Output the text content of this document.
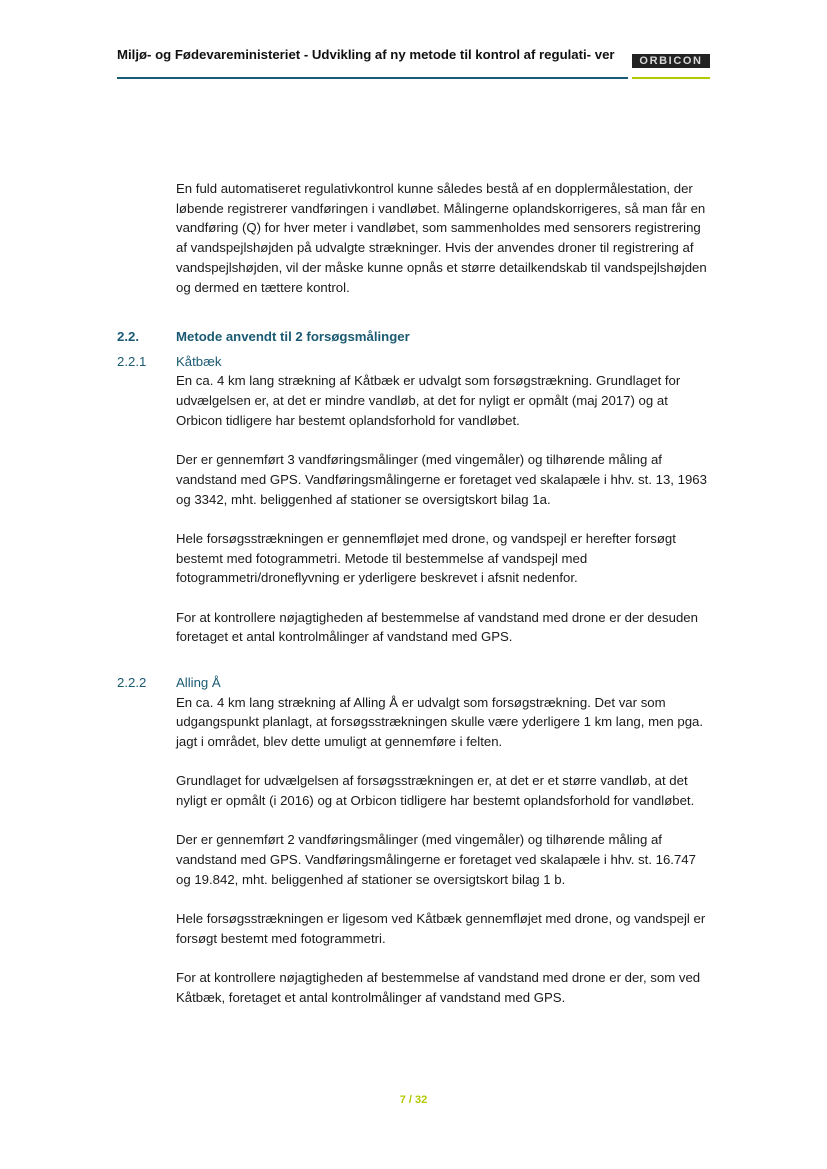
Miljø- og Fødevareministeriet - Udvikling af ny metode til kontrol af regulati- ver	ORBICON

En fuld automatiseret regulativkontrol kunne således bestå af en dopplermålestation, der løbende registrerer vandføringen i vandløbet. Målingerne oplandskorrigeres, så man får en vandføring (Q) for hver meter i vandløbet, som sammenholdes med sensorers registrering af vandspejlshøjden på udvalgte strækninger. Hvis der anvendes droner til registrering af vandspejlshøjden, vil der måske kunne opnås et større detailkendskab til vandspejlshøjden og dermed en tættere kontrol.

2.2.	Metode anvendt til 2 forsøgsmålinger
2.2.1	Kåtbæk

En ca. 4 km lang strækning af Kåtbæk er udvalgt som forsøgstrækning. Grundlaget for udvælgelsen er, at det er mindre vandløb, at det for nyligt er opmålt (maj 2017) og at Orbicon tidligere har bestemt oplandsforhold for vandløbet.

Der er gennemført 3 vandføringsmålinger (med vingemåler) og tilhørende måling af vandstand med GPS. Vandføringsmålingerne er foretaget ved skalapæle i hhv. st. 13, 1963 og 3342, mht. beliggenhed af stationer se oversigtskort bilag 1a.

Hele forsøgsstrækningen er gennemfløjet med drone, og vandspejl er herefter forsøgt bestemt med fotogrammetri. Metode til bestemmelse af vandspejl med fotogrammetri/droneflyvning er yderligere beskrevet i afsnit nedenfor.

For at kontrollere nøjagtigheden af bestemmelse af vandstand med drone er der desuden foretaget et antal kontrolmålinger af vandstand med GPS.

2.2.2	Alling Å

En ca. 4 km lang strækning af Alling Å er udvalgt som forsøgstrækning. Det var som udgangspunkt planlagt, at forsøgsstrækningen skulle være yderligere 1 km lang, men pga. jagt i området, blev dette umuligt at gennemføre i felten.

Grundlaget for udvælgelsen af forsøgsstrækningen er, at det er et større vandløb, at det nyligt er opmålt (i 2016) og at Orbicon tidligere har bestemt oplandsforhold for vandløbet.

Der er gennemført 2 vandføringsmålinger (med vingemåler) og tilhørende måling af vandstand med GPS. Vandføringsmålingerne er foretaget ved skalapæle i hhv. st. 16.747 og 19.842, mht. beliggenhed af stationer se oversigtskort bilag 1 b.

Hele forsøgsstrækningen er ligesom ved Kåtbæk gennemfløjet med drone, og vandspejl er forsøgt bestemt med fotogrammetri.

For at kontrollere nøjagtigheden af bestemmelse af vandstand med drone er der, som ved Kåtbæk, foretaget et antal kontrolmålinger af vandstand med GPS.

7 / 32
